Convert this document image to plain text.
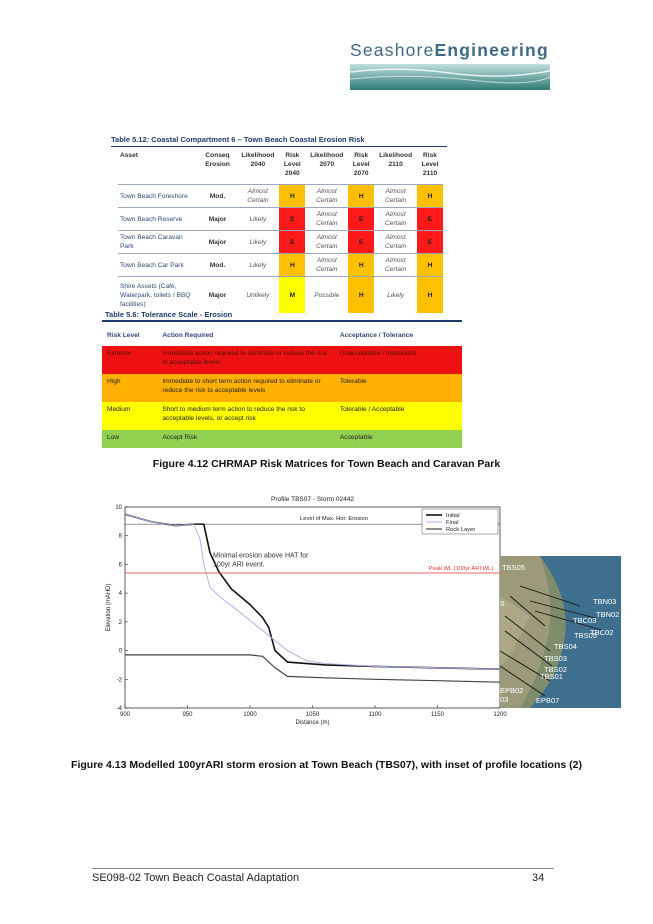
SeashoreEngineering
Table 5.12: Coastal Compartment 6 – Town Beach Coastal Erosion Risk
Asset	Conseq Erosion	Likelihood 2040	Risk Level 2040	Likelihood 2070	Risk Level 2070	Likelihood 2110	Risk Level 2110
Town Beach Foreshore	Mod.	Almost Certain	H	Almost Certain	H	Almost Certain	H
Town Beach Reserve	Major	Likely	E	Almost Certain	E	Almost Certain	E
Town Beach Caravan Park	Major	Likely	E	Almost Certain	E	Almost Certain	E
Town Beach Car Park	Mod.	Likely	H	Almost Certain	H	Almost Certain	H
Shire Assets (Café, Waterpark, toilets / BBQ facilities)	Major	Unlikely	M	Possible	H	Likely	H
Table 5.6: Tolerance Scale - Erosion
Risk Level	Action Required	Acceptance / Tolerance
Extreme	Immediate action required to eliminate or reduce the risk to acceptable levels	Unacceptable / Intolerable
High	Immediate to short term action required to eliminate or reduce the risk to acceptable levels	Tolerable
Medium	Short to medium term action to reduce the risk to acceptable levels, or accept risk	Tolerable / Acceptable
Low	Accept Risk	Acceptable
Figure 4.12 CHRMAP Risk Matrices for Town Beach and Caravan Park
Profile TBS07 - Storm 02442
900	950	1000	1050	1100	1150	1200
-4
-2
0
2
4
6
8
10
Distance (m)
Elevation (mAHD)
Level of Max. Hor. Erosion
Peak WL (100yr ARI WL)
Minimal erosion above HAT for
100yr ARI event.
Initial
Final
Rock Layer
TBS05
TBN03
TBC03
TBN02
TBC02
TBS05
TBS04
TBS03
TBS02
TBS01
EPB02
EPB07
3
03
Figure 4.13 Modelled 100yrARI storm erosion at Town Beach (TBS07), with inset of profile locations (2)
SE098-02 Town Beach Coastal Adaptation	34
